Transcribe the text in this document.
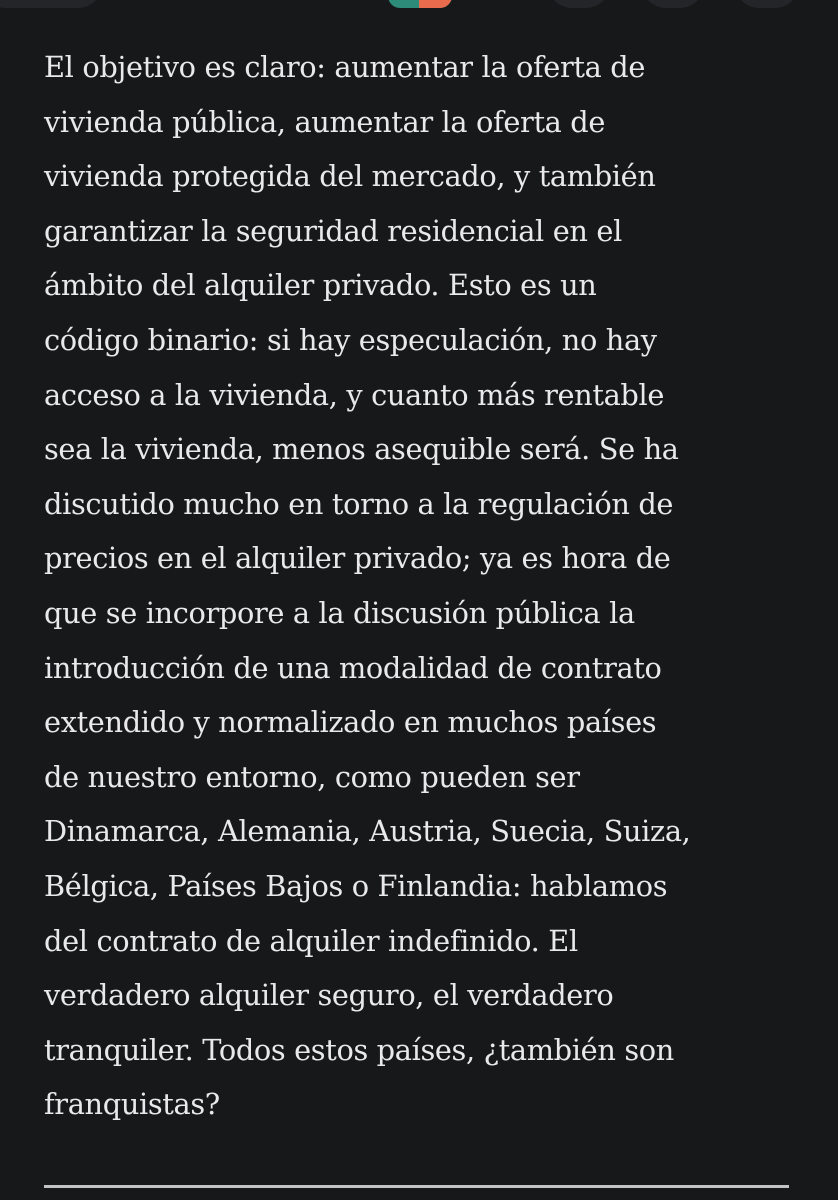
El objetivo es claro: aumentar la oferta de
vivienda pública, aumentar la oferta de
vivienda protegida del mercado, y también
garantizar la seguridad residencial en el
ámbito del alquiler privado. Esto es un
código binario: si hay especulación, no hay
acceso a la vivienda, y cuanto más rentable
sea la vivienda, menos asequible será. Se ha
discutido mucho en torno a la regulación de
precios en el alquiler privado; ya es hora de
que se incorpore a la discusión pública la
introducción de una modalidad de contrato
extendido y normalizado en muchos países
de nuestro entorno, como pueden ser
Dinamarca, Alemania, Austria, Suecia, Suiza,
Bélgica, Países Bajos o Finlandia: hablamos
del contrato de alquiler indefinido. El
verdadero alquiler seguro, el verdadero
tranquiler. Todos estos países, ¿también son
franquistas?
